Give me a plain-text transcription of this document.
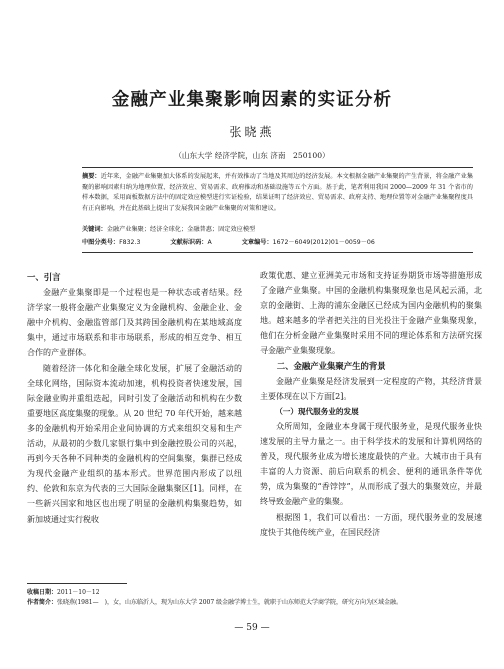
金融产业集聚影响因素的实证分析
张晓燕
（山东大学 经济学院，山东 济南　250100）
摘要：近年来，金融产业集聚加大体系的发展起来，并有效推动了当地及其周边的经济发展。本文根据金融产业集聚的产生背景，将金融产业集聚的影响因素归纳为地理位置、经济效应、贸易需求、政府推动和基础设施等五个方面。基于此，笔者利用我国 2000—2009 年 31 个省市的样本数据，采用面板数据方法中的固定效应模型进行实证检验，结果证明了经济效应、贸易需求、政府支持、地理位置等对金融产业集聚程度具有正向影响，并在此基础上提出了发展我国金融产业集聚的对策和建议。
关键词：金融产业集聚；经济全球化；金融普惠；固定效应模型
中图分类号：F832.3	文献标识码：A	文章编号：1672－6049(2012)01－0059－06
一、引言

金融产业集聚即是一个过程也是一种状态或者结果。经济学家一般将金融产业集聚定义为金融机构、金融企业、金融中介机构、金融监管部门及其跨国金融机构在某地域高度集中，通过市场联系和非市场联系，形成的相互竞争、相互合作的产业群体。

随着经济一体化和金融全球化发展，扩展了金融活动的全球化网络，国际资本流动加速，机构投资者快速发展，国际金融业购并重组迭起，同时引发了金融活动和机构在少数重要地区高度集聚的现象。从 20 世纪 70 年代开始，越来越多的金融机构开始采用企业间协调的方式来组织交易和生产活动，从最初的少数几家银行集中到金融控股公司的兴起，再到今天各种不同种类的金融机构的空间集聚，集群已经成为现代金融产业组织的基本形式。世界范围内形成了以纽约、伦敦和东京为代表的三大国际金融集聚区[1]。同样，在一些新兴国家和地区也出现了明显的金融机构集聚趋势，如新加坡通过实行税收

政策优惠、建立亚洲美元市场和支持证券期货市场等措施形成了金融产业集聚。中国的金融机构集聚现象也是风起云涌，北京的金融街、上海的浦东金融区已经成为国内金融机构的聚集地。越来越多的学者把关注的目光投注于金融产业集聚现象，他们在分析金融产业集聚时采用不同的理论体系和方法研究探寻金融产业集聚现象。

二、金融产业集聚产生的背景

金融产业集聚是经济发展到一定程度的产物，其经济背景主要体现在以下方面[2]。

（一）现代服务业的发展

众所周知，金融业本身属于现代服务业，是现代服务业快速发展的主导力量之一。由于科学技术的发展和计算机网络的普及，现代服务业成为增长速度最快的产业。大城市由于具有丰富的人力资源、前后向联系的机会、便利的通讯条件等优势，成为集聚的“香饽饽”，从而形成了强大的集聚效应，并最终导致金融产业的集聚。

根据图 1，我们可以看出：一方面，现代服务业的发展速度快于其他传统产业，在国民经济

收稿日期：2011－10－12
作者简介：张晓燕(1981—　)，女，山东临沂人，现为山东大学 2007 级金融学博士生，就职于山东师范大学商学院，研究方向为区域金融。
— 59 —
